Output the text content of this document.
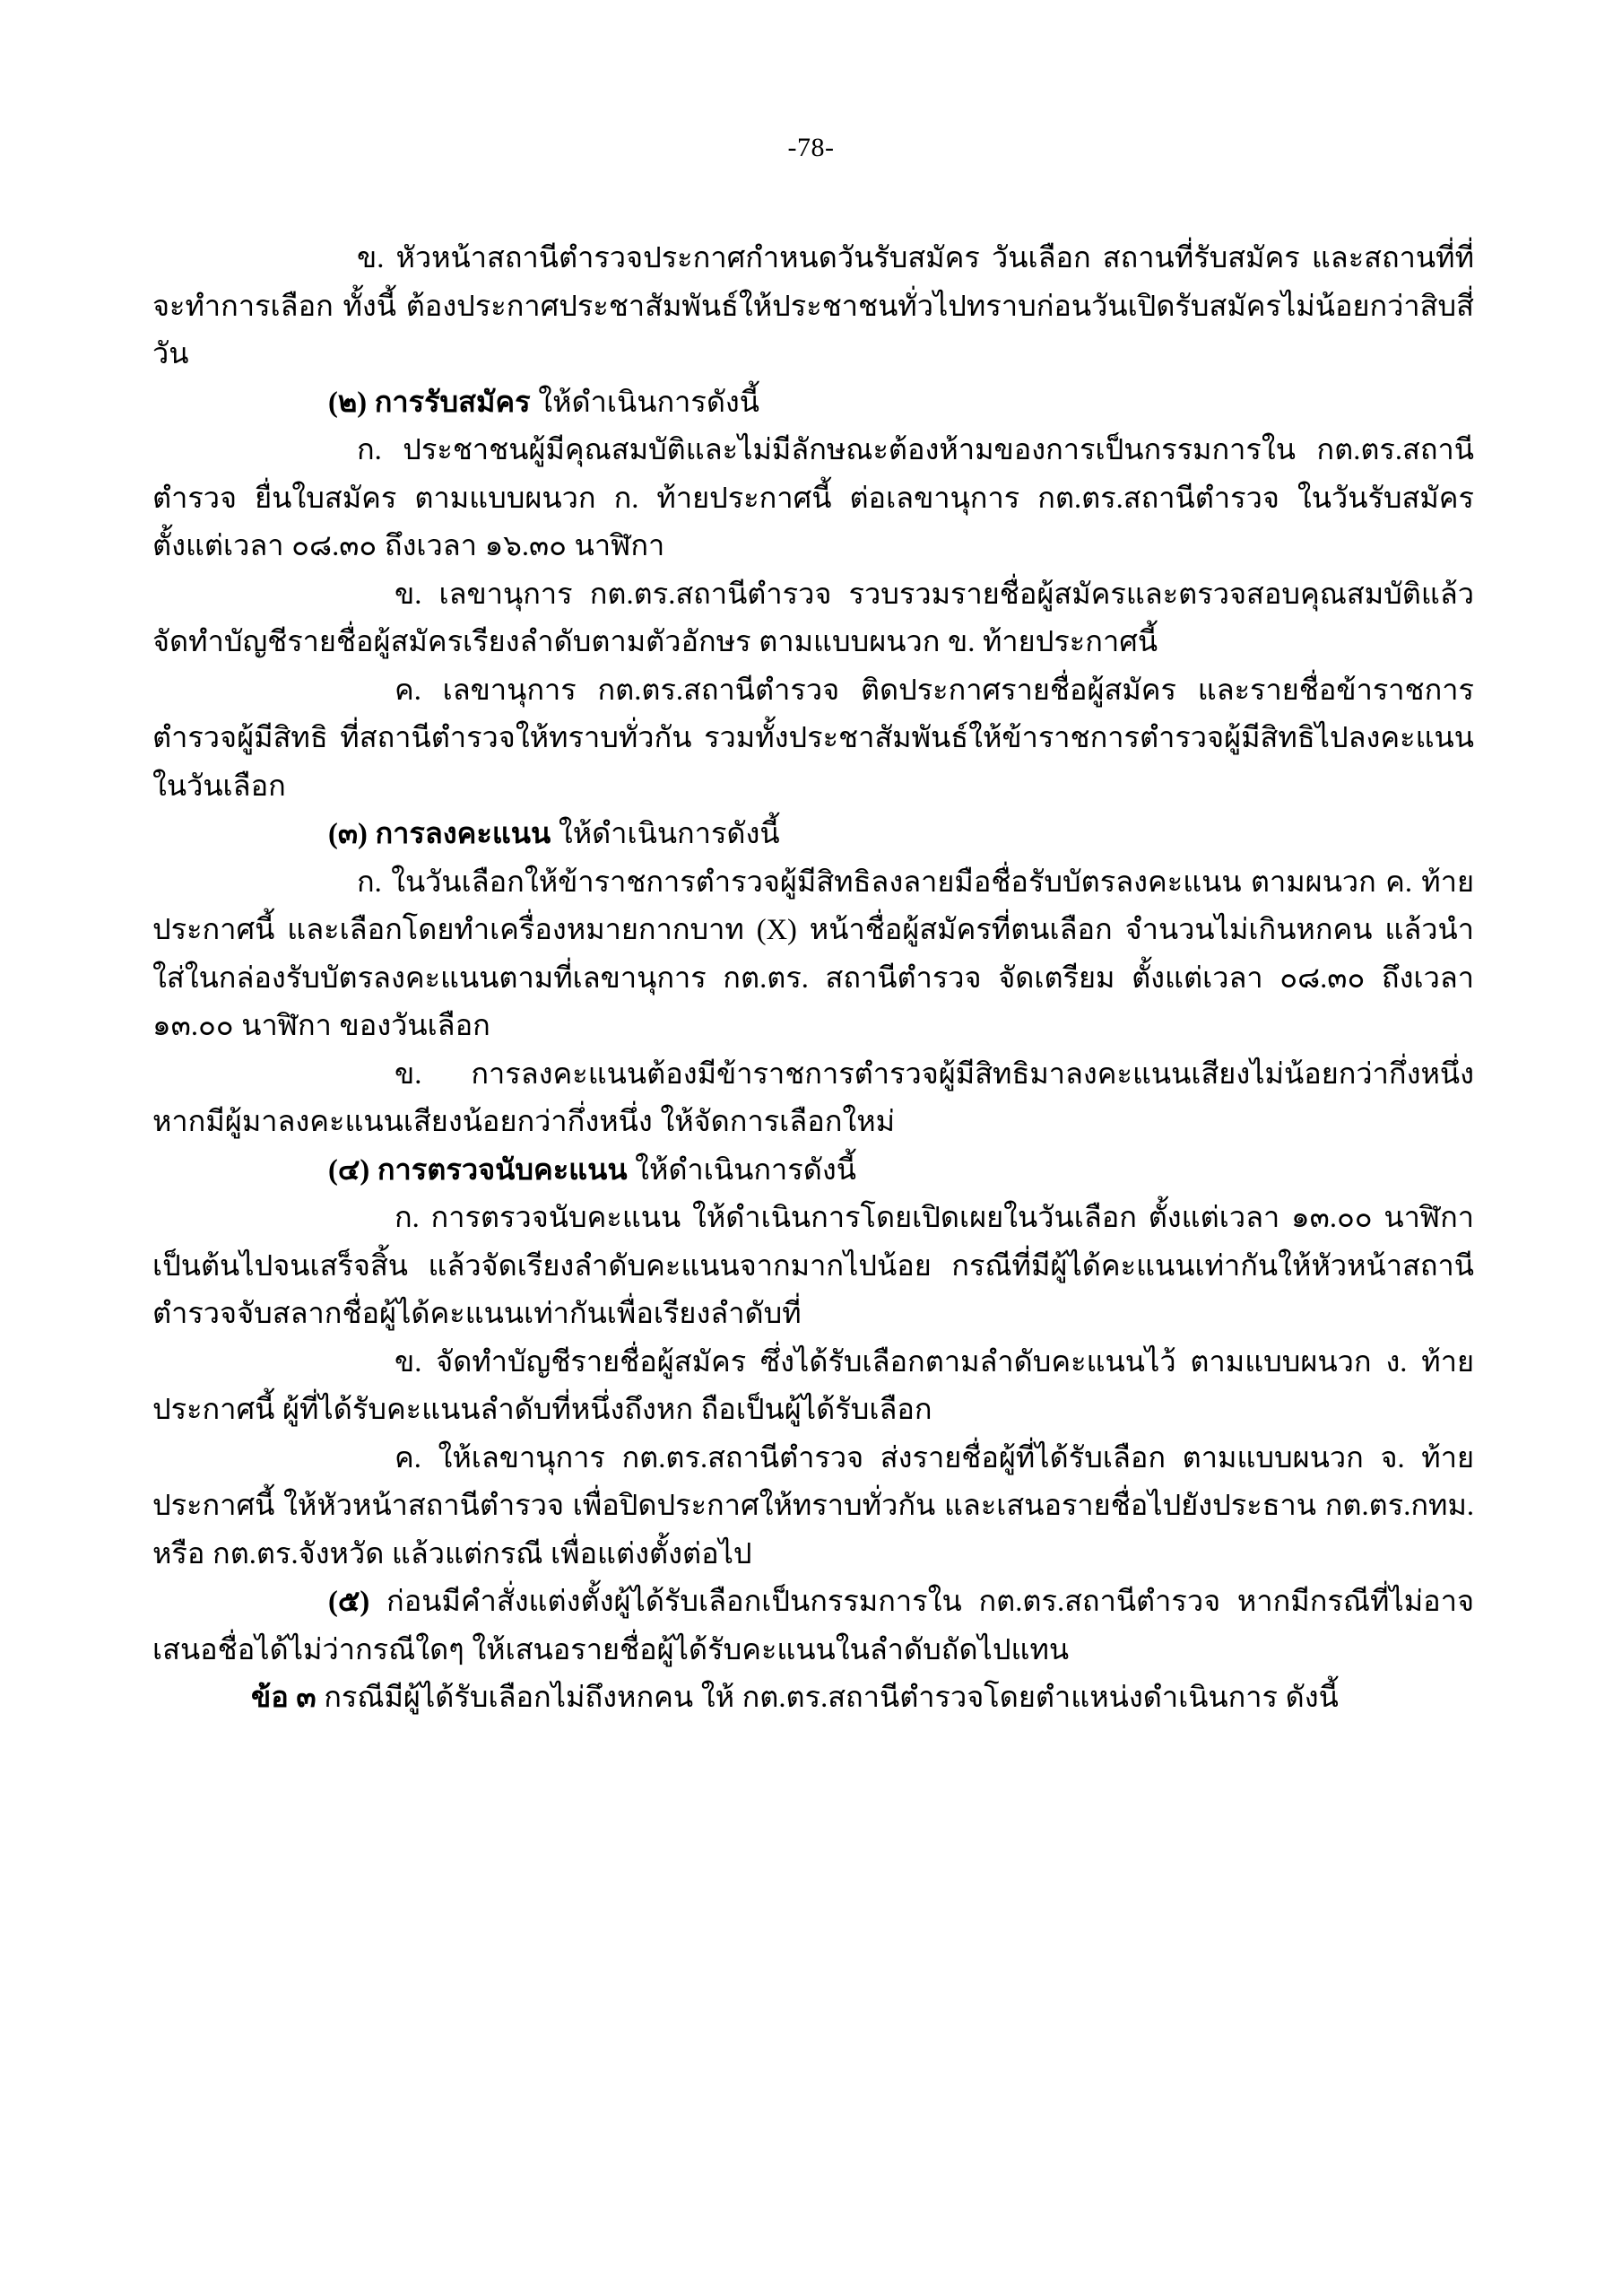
-78-

ข. หัวหน้าสถานีตำรวจประกาศกำหนดวันรับสมัคร วันเลือก สถานที่รับสมัคร และสถานที่ที่จะทำการเลือก ทั้งนี้ ต้องประกาศประชาสัมพันธ์ให้ประชาชนทั่วไปทราบก่อนวันเปิดรับสมัครไม่น้อยกว่าสิบสี่วัน

(๒) การรับสมัคร ให้ดำเนินการดังนี้

ก. ประชาชนผู้มีคุณสมบัติและไม่มีลักษณะต้องห้ามของการเป็นกรรมการใน กต.ตร.สถานีตำรวจ ยื่นใบสมัคร ตามแบบผนวก ก. ท้ายประกาศนี้ ต่อเลขานุการ กต.ตร.สถานีตำรวจ ในวันรับสมัคร ตั้งแต่เวลา ๐๘.๓๐ ถึงเวลา ๑๖.๓๐ นาฬิกา

ข. เลขานุการ กต.ตร.สถานีตำรวจ รวบรวมรายชื่อผู้สมัครและตรวจสอบคุณสมบัติแล้วจัดทำบัญชีรายชื่อผู้สมัครเรียงลำดับตามตัวอักษร ตามแบบผนวก ข. ท้ายประกาศนี้

ค. เลขานุการ กต.ตร.สถานีตำรวจ ติดประกาศรายชื่อผู้สมัคร และรายชื่อข้าราชการตำรวจผู้มีสิทธิ ที่สถานีตำรวจให้ทราบทั่วกัน รวมทั้งประชาสัมพันธ์ให้ข้าราชการตำรวจผู้มีสิทธิไปลงคะแนนในวันเลือก

(๓) การลงคะแนน ให้ดำเนินการดังนี้

ก. ในวันเลือกให้ข้าราชการตำรวจผู้มีสิทธิลงลายมือชื่อรับบัตรลงคะแนน ตามผนวก ค. ท้ายประกาศนี้ และเลือกโดยทำเครื่องหมายกากบาท (X) หน้าชื่อผู้สมัครที่ตนเลือก จำนวนไม่เกินหกคน แล้วนำใส่ในกล่องรับบัตรลงคะแนนตามที่เลขานุการ กต.ตร. สถานีตำรวจ จัดเตรียม ตั้งแต่เวลา ๐๘.๓๐ ถึงเวลา ๑๓.๐๐ นาฬิกา ของวันเลือก

ข. การลงคะแนนต้องมีข้าราชการตำรวจผู้มีสิทธิมาลงคะแนนเสียงไม่น้อยกว่ากึ่งหนึ่ง หากมีผู้มาลงคะแนนเสียงน้อยกว่ากึ่งหนึ่ง ให้จัดการเลือกใหม่

(๔) การตรวจนับคะแนน ให้ดำเนินการดังนี้

ก. การตรวจนับคะแนน ให้ดำเนินการโดยเปิดเผยในวันเลือก ตั้งแต่เวลา ๑๓.๐๐ นาฬิกาเป็นต้นไปจนเสร็จสิ้น แล้วจัดเรียงลำดับคะแนนจากมากไปน้อย กรณีที่มีผู้ได้คะแนนเท่ากันให้หัวหน้าสถานีตำรวจจับสลากชื่อผู้ได้คะแนนเท่ากันเพื่อเรียงลำดับที่

ข. จัดทำบัญชีรายชื่อผู้สมัคร ซึ่งได้รับเลือกตามลำดับคะแนนไว้ ตามแบบผนวก ง. ท้ายประกาศนี้ ผู้ที่ได้รับคะแนนลำดับที่หนึ่งถึงหก ถือเป็นผู้ได้รับเลือก

ค. ให้เลขานุการ กต.ตร.สถานีตำรวจ ส่งรายชื่อผู้ที่ได้รับเลือก ตามแบบผนวก จ. ท้ายประกาศนี้ ให้หัวหน้าสถานีตำรวจ เพื่อปิดประกาศให้ทราบทั่วกัน และเสนอรายชื่อไปยังประธาน กต.ตร.กทม. หรือ กต.ตร.จังหวัด แล้วแต่กรณี เพื่อแต่งตั้งต่อไป

(๕) ก่อนมีคำสั่งแต่งตั้งผู้ได้รับเลือกเป็นกรรมการใน กต.ตร.สถานีตำรวจ หากมีกรณีที่ไม่อาจเสนอชื่อได้ไม่ว่ากรณีใดๆ ให้เสนอรายชื่อผู้ได้รับคะแนนในลำดับถัดไปแทน

ข้อ ๓ กรณีมีผู้ได้รับเลือกไม่ถึงหกคน ให้ กต.ตร.สถานีตำรวจโดยตำแหน่งดำเนินการ ดังนี้
